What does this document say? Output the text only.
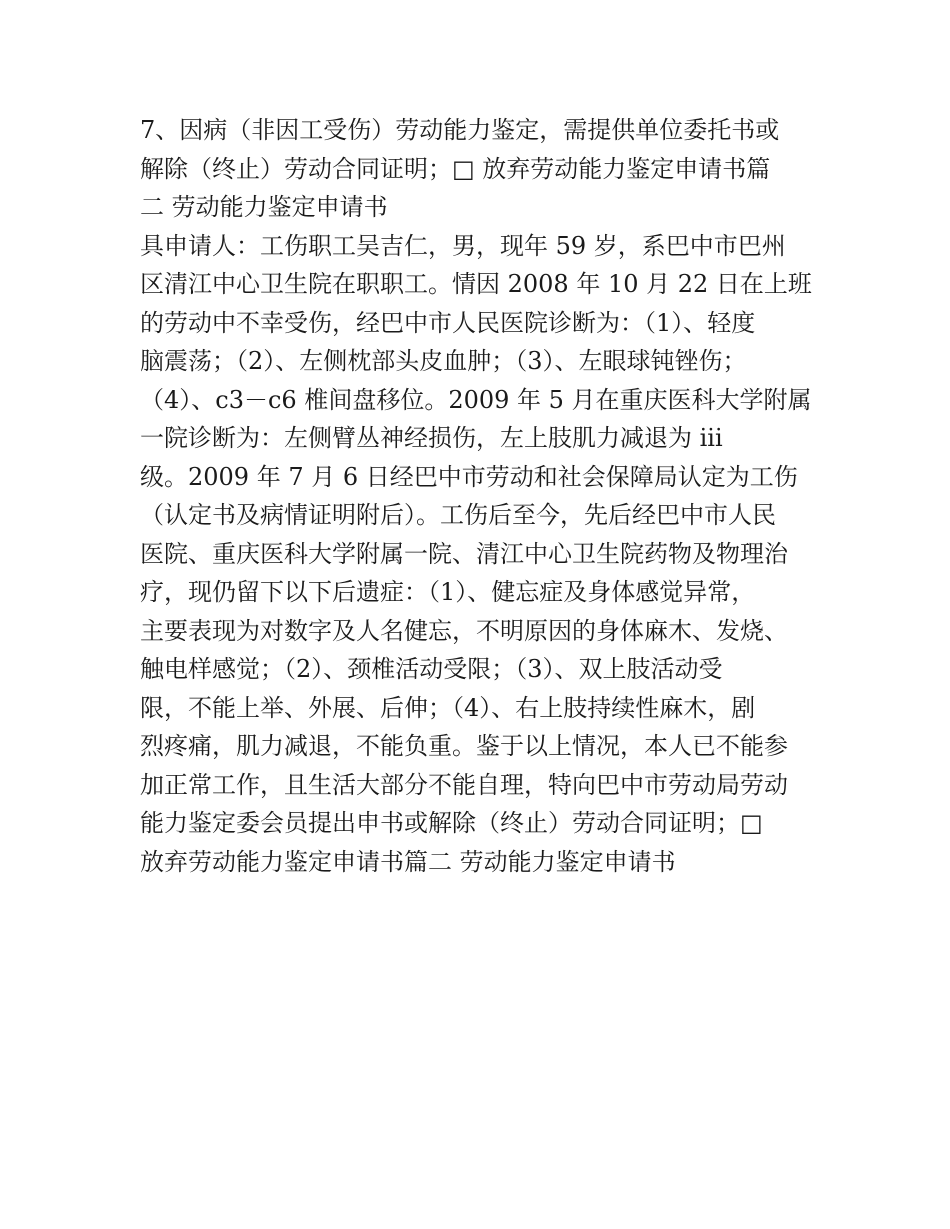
7、因病（非因工受伤）劳动能力鉴定，需提供单位委托书或
解除（终止）劳动合同证明；□ 放弃劳动能力鉴定申请书篇
二 劳动能力鉴定申请书
具申请人：工伤职工吴吉仁，男，现年 59 岁，系巴中市巴州
区清江中心卫生院在职职工。情因 2008 年 10 月 22 日在上班
的劳动中不幸受伤，经巴中市人民医院诊断为：（1）、轻度
脑震荡；（2）、左侧枕部头皮血肿；（3）、左眼球钝锉伤；
（4）、c3－c6 椎间盘移位。2009 年 5 月在重庆医科大学附属
一院诊断为：左侧臂丛神经损伤，左上肢肌力减退为 iii
级。2009 年 7 月 6 日经巴中市劳动和社会保障局认定为工伤
（认定书及病情证明附后）。工伤后至今，先后经巴中市人民
医院、重庆医科大学附属一院、清江中心卫生院药物及物理治
疗，现仍留下以下后遗症：（1）、健忘症及身体感觉异常，
主要表现为对数字及人名健忘，不明原因的身体麻木、发烧、
触电样感觉；（2）、颈椎活动受限；（3）、双上肢活动受
限，不能上举、外展、后伸；（4）、右上肢持续性麻木，剧
烈疼痛，肌力减退，不能负重。鉴于以上情况，本人已不能参
加正常工作，且生活大部分不能自理，特向巴中市劳动局劳动
能力鉴定委会员提出申书或解除（终止）劳动合同证明；□
放弃劳动能力鉴定申请书篇二 劳动能力鉴定申请书
